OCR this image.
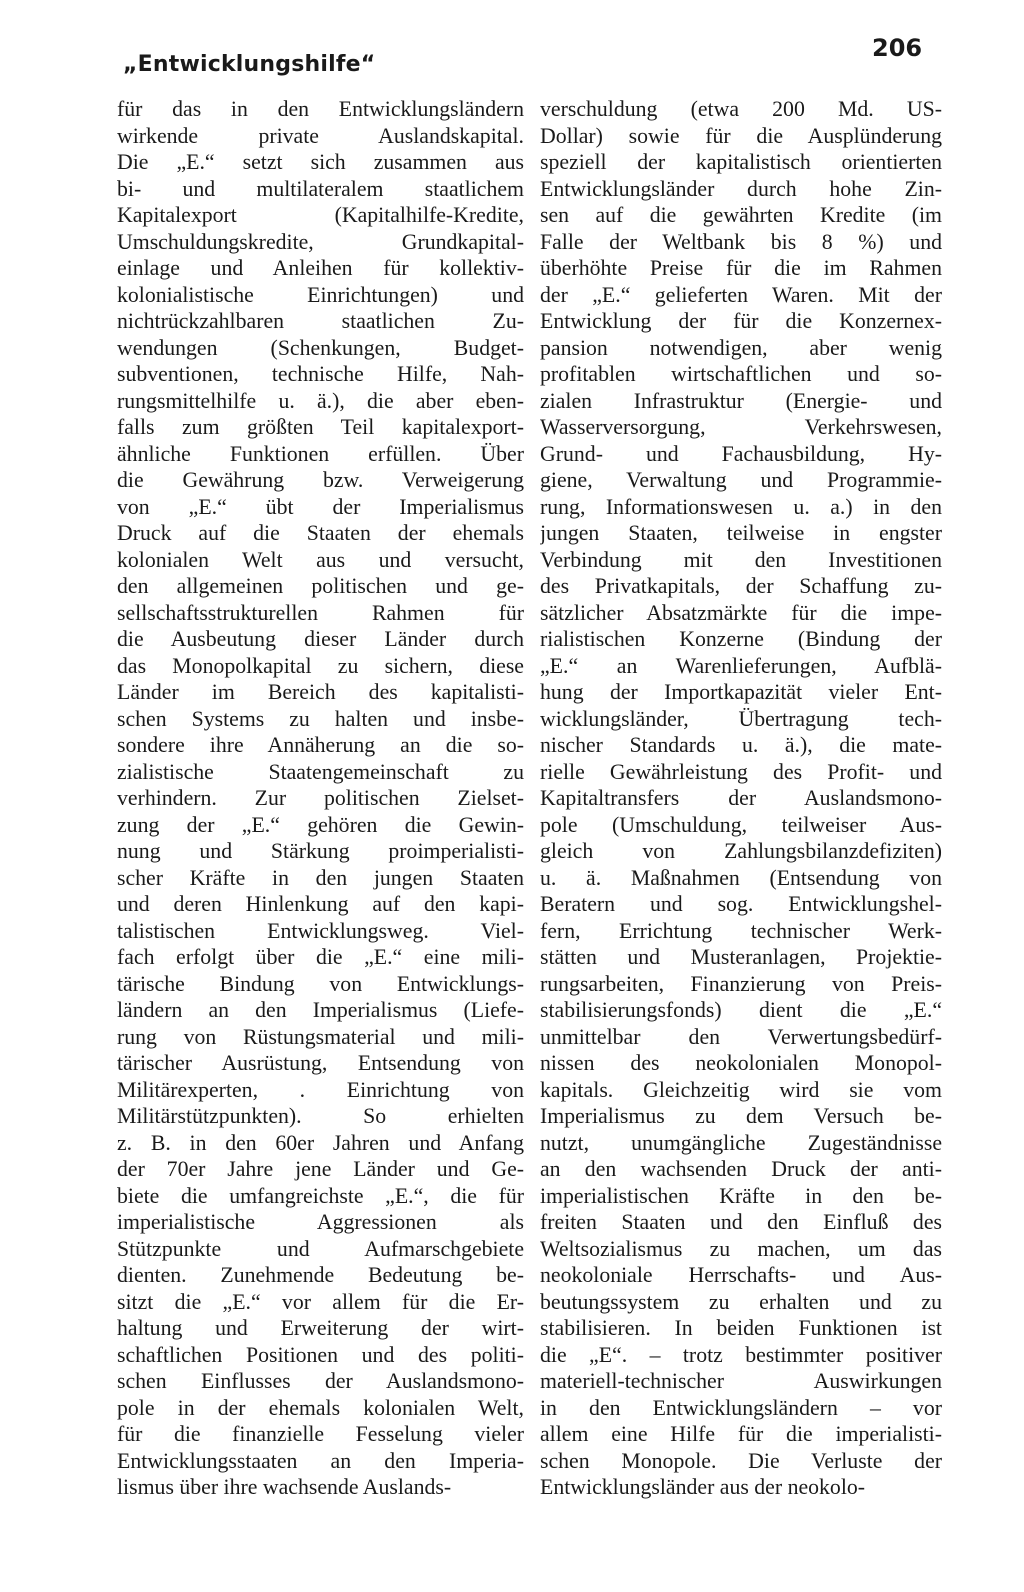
„Entwicklungshilfe“
206
für das in den Entwicklungsländern
wirkende private Auslandskapital.
Die „E.“ setzt sich zusammen aus
bi- und multilateralem staatlichem
Kapitalexport (Kapitalhilfe-Kredite,
Umschuldungskredite, Grundkapital-
einlage und Anleihen für kollektiv-
kolonialistische Einrichtungen) und
nichtrückzahlbaren staatlichen Zu-
wendungen (Schenkungen, Budget-
subventionen, technische Hilfe, Nah-
rungsmittelhilfe u. ä.), die aber eben-
falls zum größten Teil kapitalexport-
ähnliche Funktionen erfüllen. Über
die Gewährung bzw. Verweigerung
von „E.“ übt der Imperialismus
Druck auf die Staaten der ehemals
kolonialen Welt aus und versucht,
den allgemeinen politischen und ge-
sellschaftsstrukturellen Rahmen für
die Ausbeutung dieser Länder durch
das Monopolkapital zu sichern, diese
Länder im Bereich des kapitalisti-
schen Systems zu halten und insbe-
sondere ihre Annäherung an die so-
zialistische Staatengemeinschaft zu
verhindern. Zur politischen Zielset-
zung der „E.“ gehören die Gewin-
nung und Stärkung proimperialisti-
scher Kräfte in den jungen Staaten
und deren Hinlenkung auf den kapi-
talistischen Entwicklungsweg. Viel-
fach erfolgt über die „E.“ eine mili-
tärische Bindung von Entwicklungs-
ländern an den Imperialismus (Liefe-
rung von Rüstungsmaterial und mili-
tärischer Ausrüstung, Entsendung von
Militärexperten, . Einrichtung von
Militärstützpunkten). So erhielten
z. B. in den 60er Jahren und Anfang
der 70er Jahre jene Länder und Ge-
biete die umfangreichste „E.“, die für
imperialistische Aggressionen als
Stützpunkte und Aufmarschgebiete
dienten. Zunehmende Bedeutung be-
sitzt die „E.“ vor allem für die Er-
haltung und Erweiterung der wirt-
schaftlichen Positionen und des politi-
schen Einflusses der Auslandsmono-
pole in der ehemals kolonialen Welt,
für die finanzielle Fesselung vieler
Entwicklungsstaaten an den Imperia-
lismus über ihre wachsende Auslands-
verschuldung (etwa 200 Md. US-
Dollar) sowie für die Ausplünderung
speziell der kapitalistisch orientierten
Entwicklungsländer durch hohe Zin-
sen auf die gewährten Kredite (im
Falle der Weltbank bis 8 %) und
überhöhte Preise für die im Rahmen
der „E.“ gelieferten Waren. Mit der
Entwicklung der für die Konzernex-
pansion notwendigen, aber wenig
profitablen wirtschaftlichen und so-
zialen Infrastruktur (Energie- und
Wasserversorgung, Verkehrswesen,
Grund- und Fachausbildung, Hy-
giene, Verwaltung und Programmie-
rung, Informationswesen u. a.) in den
jungen Staaten, teilweise in engster
Verbindung mit den Investitionen
des Privatkapitals, der Schaffung zu-
sätzlicher Absatzmärkte für die impe-
rialistischen Konzerne (Bindung der
„E.“ an Warenlieferungen, Aufblä-
hung der Importkapazität vieler Ent-
wicklungsländer, Übertragung tech-
nischer Standards u. ä.), die mate-
rielle Gewährleistung des Profit- und
Kapitaltransfers der Auslandsmono-
pole (Umschuldung, teilweiser Aus-
gleich von Zahlungsbilanzdefiziten)
u. ä. Maßnahmen (Entsendung von
Beratern und sog. Entwicklungshel-
fern, Errichtung technischer Werk-
stätten und Musteranlagen, Projektie-
rungsarbeiten, Finanzierung von Preis-
stabilisierungsfonds) dient die „E.“
unmittelbar den Verwertungsbedürf-
nissen des neokolonialen Monopol-
kapitals. Gleichzeitig wird sie vom
Imperialismus zu dem Versuch be-
nutzt, unumgängliche Zugeständnisse
an den wachsenden Druck der anti-
imperialistischen Kräfte in den be-
freiten Staaten und den Einfluß des
Weltsozialismus zu machen, um das
neokoloniale Herrschafts- und Aus-
beutungssystem zu erhalten und zu
stabilisieren. In beiden Funktionen ist
die „E“. – trotz bestimmter positiver
materiell-technischer Auswirkungen
in den Entwicklungsländern – vor
allem eine Hilfe für die imperialisti-
schen Monopole. Die Verluste der
Entwicklungsländer aus der neokolo-
